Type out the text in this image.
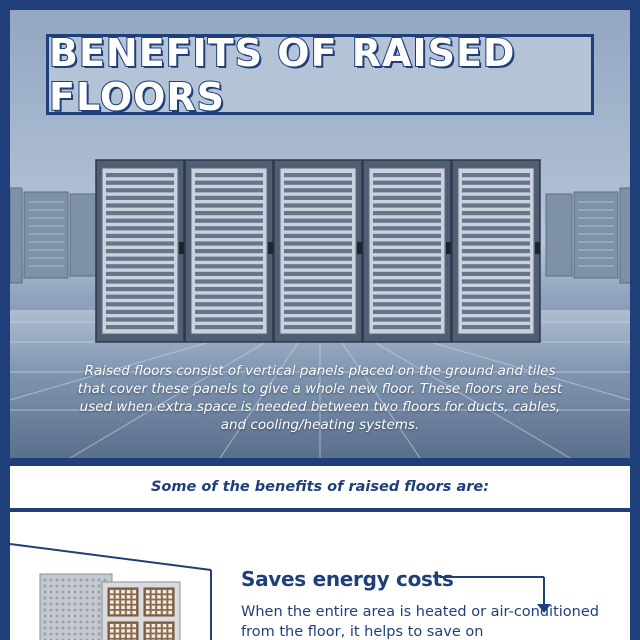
BENEFITS OF RAISED FLOORS

Raised floors consist of vertical panels placed on the ground and tiles that cover these panels to give a whole new floor. These floors are best used when extra space is needed between two floors for ducts, cables, and cooling/heating systems.

Some of the benefits of raised floors are:
Saves energy costs

When the entire area is heated or air-conditioned from the floor, it helps to save on
